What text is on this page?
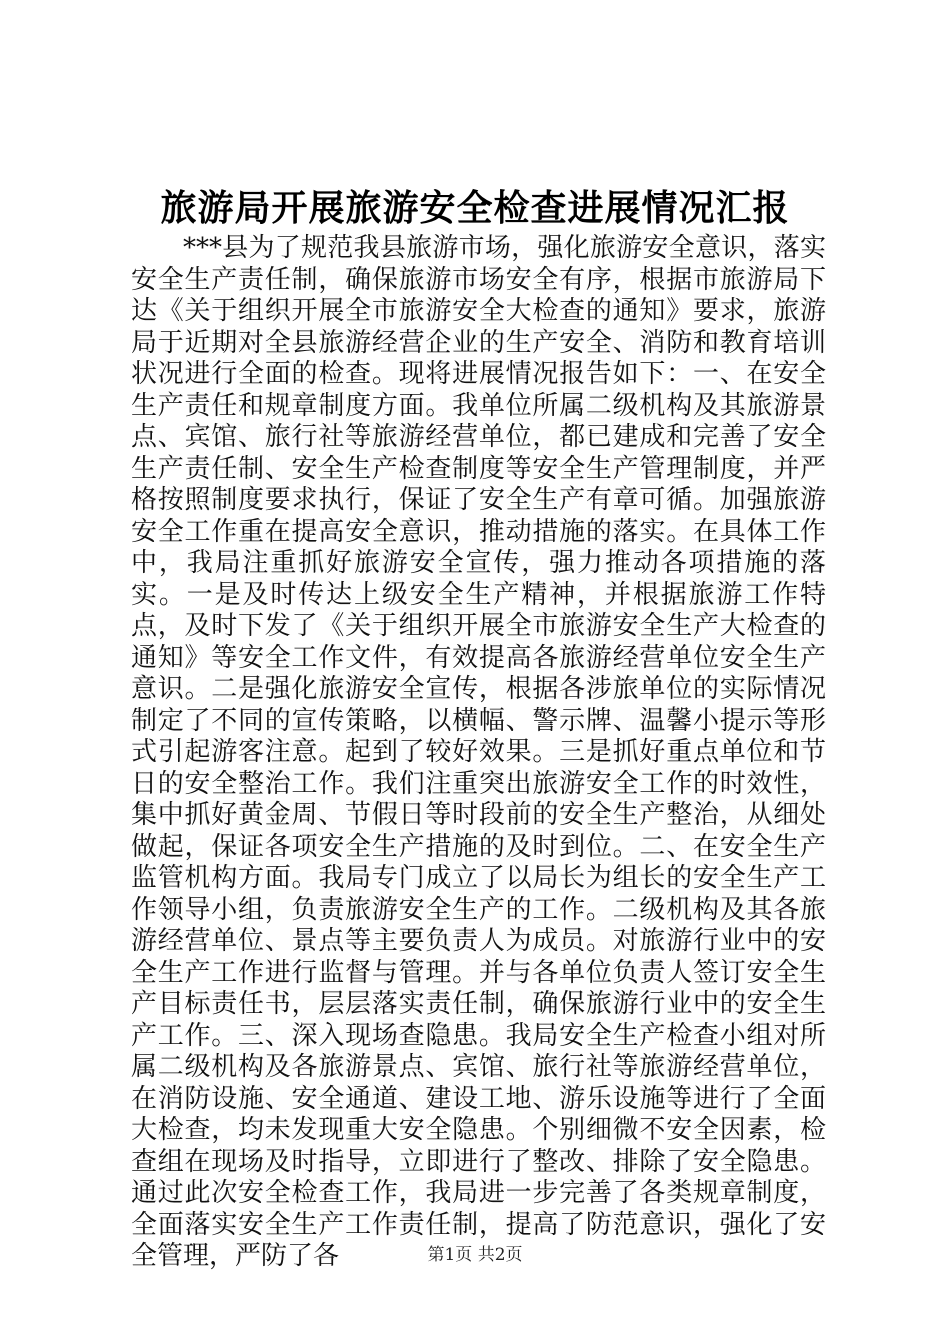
旅游局开展旅游安全检查进展情况汇报

***县为了规范我县旅游市场，强化旅游安全意识，落实安全生产责任制，确保旅游市场安全有序，根据市旅游局下达《关于组织开展全市旅游安全大检查的通知》要求，旅游局于近期对全县旅游经营企业的生产安全、消防和教育培训状况进行全面的检查。现将进展情况报告如下：一、在安全生产责任和规章制度方面。我单位所属二级机构及其旅游景点、宾馆、旅行社等旅游经营单位，都已建成和完善了安全生产责任制、安全生产检查制度等安全生产管理制度，并严格按照制度要求执行，保证了安全生产有章可循。加强旅游安全工作重在提高安全意识，推动措施的落实。在具体工作中，我局注重抓好旅游安全宣传，强力推动各项措施的落实。一是及时传达上级安全生产精神，并根据旅游工作特点，及时下发了《关于组织开展全市旅游安全生产大检查的通知》等安全工作文件，有效提高各旅游经营单位安全生产意识。二是强化旅游安全宣传，根据各涉旅单位的实际情况制定了不同的宣传策略，以横幅、警示牌、温馨小提示等形式引起游客注意。起到了较好效果。三是抓好重点单位和节日的安全整治工作。我们注重突出旅游安全工作的时效性，集中抓好黄金周、节假日等时段前的安全生产整治，从细处做起，保证各项安全生产措施的及时到位。二、在安全生产监管机构方面。我局专门成立了以局长为组长的安全生产工作领导小组，负责旅游安全生产的工作。二级机构及其各旅游经营单位、景点等主要负责人为成员。对旅游行业中的安全生产工作进行监督与管理。并与各单位负责人签订安全生产目标责任书，层层落实责任制，确保旅游行业中的安全生产工作。三、深入现场查隐患。我局安全生产检查小组对所属二级机构及各旅游景点、宾馆、旅行社等旅游经营单位，在消防设施、安全通道、建设工地、游乐设施等进行了全面大检查，均未发现重大安全隐患。个别细微不安全因素，检查组在现场及时指导，立即进行了整改、排除了安全隐患。通过此次安全检查工作，我局进一步完善了各类规章制度，全面落实安全生产工作责任制，提高了防范意识，强化了安全管理，严防了各	第1页 共2页
